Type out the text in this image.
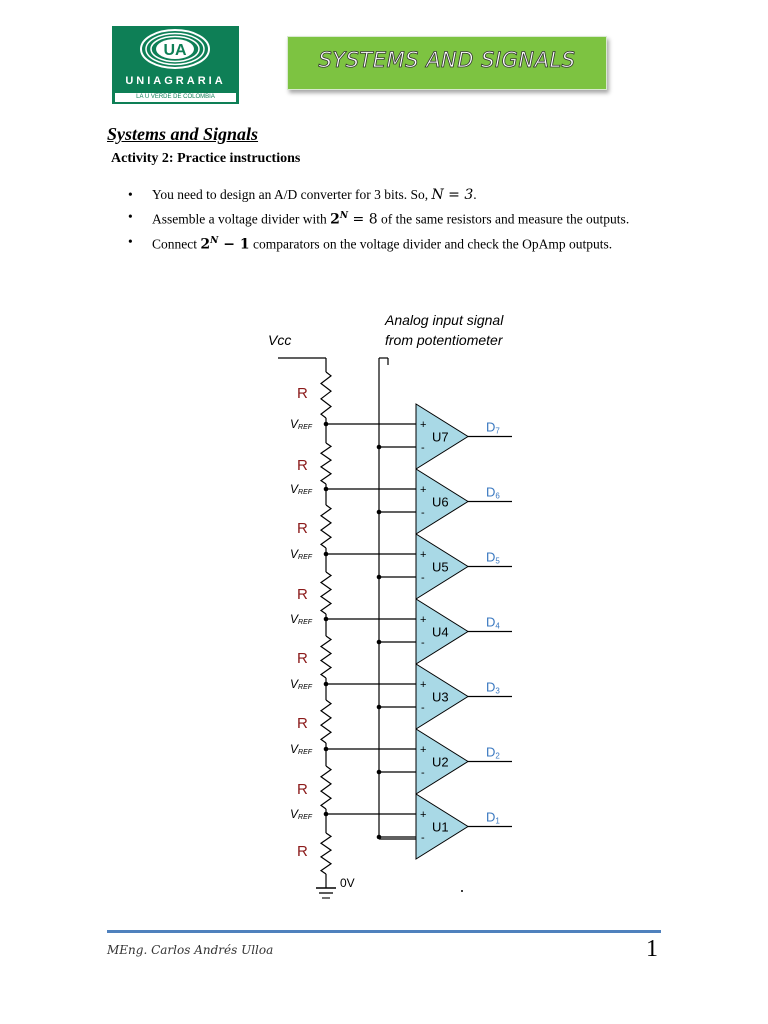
UA
UNIAGRARIA
LA U VERDE DE COLOMBIA
SYSTEMS AND SIGNALS
Systems and Signals
Activity 2: Practice instructions
• You need to design an A/D converter for 3 bits. So, N = 3.
• Assemble a voltage divider with $2^N = 8$ of the same resistors and measure the outputs.
• Connect $2^N - 1$ comparators on the voltage divider and check the OpAmp outputs.
Vcc
R
R
R
R
R
R
R
R
0V
Analog input signal
from potentiometer
VREF	+
-
U7
D7
VREF	+
-
U6
D6
VREF	+
-
U5
D5
VREF	+
-
U4
D4
VREF	+
-
U3
D3
VREF	+
-
U2
D2
VREF	+
-
U1
D1
MEng. Carlos Andrés Ulloa	1
